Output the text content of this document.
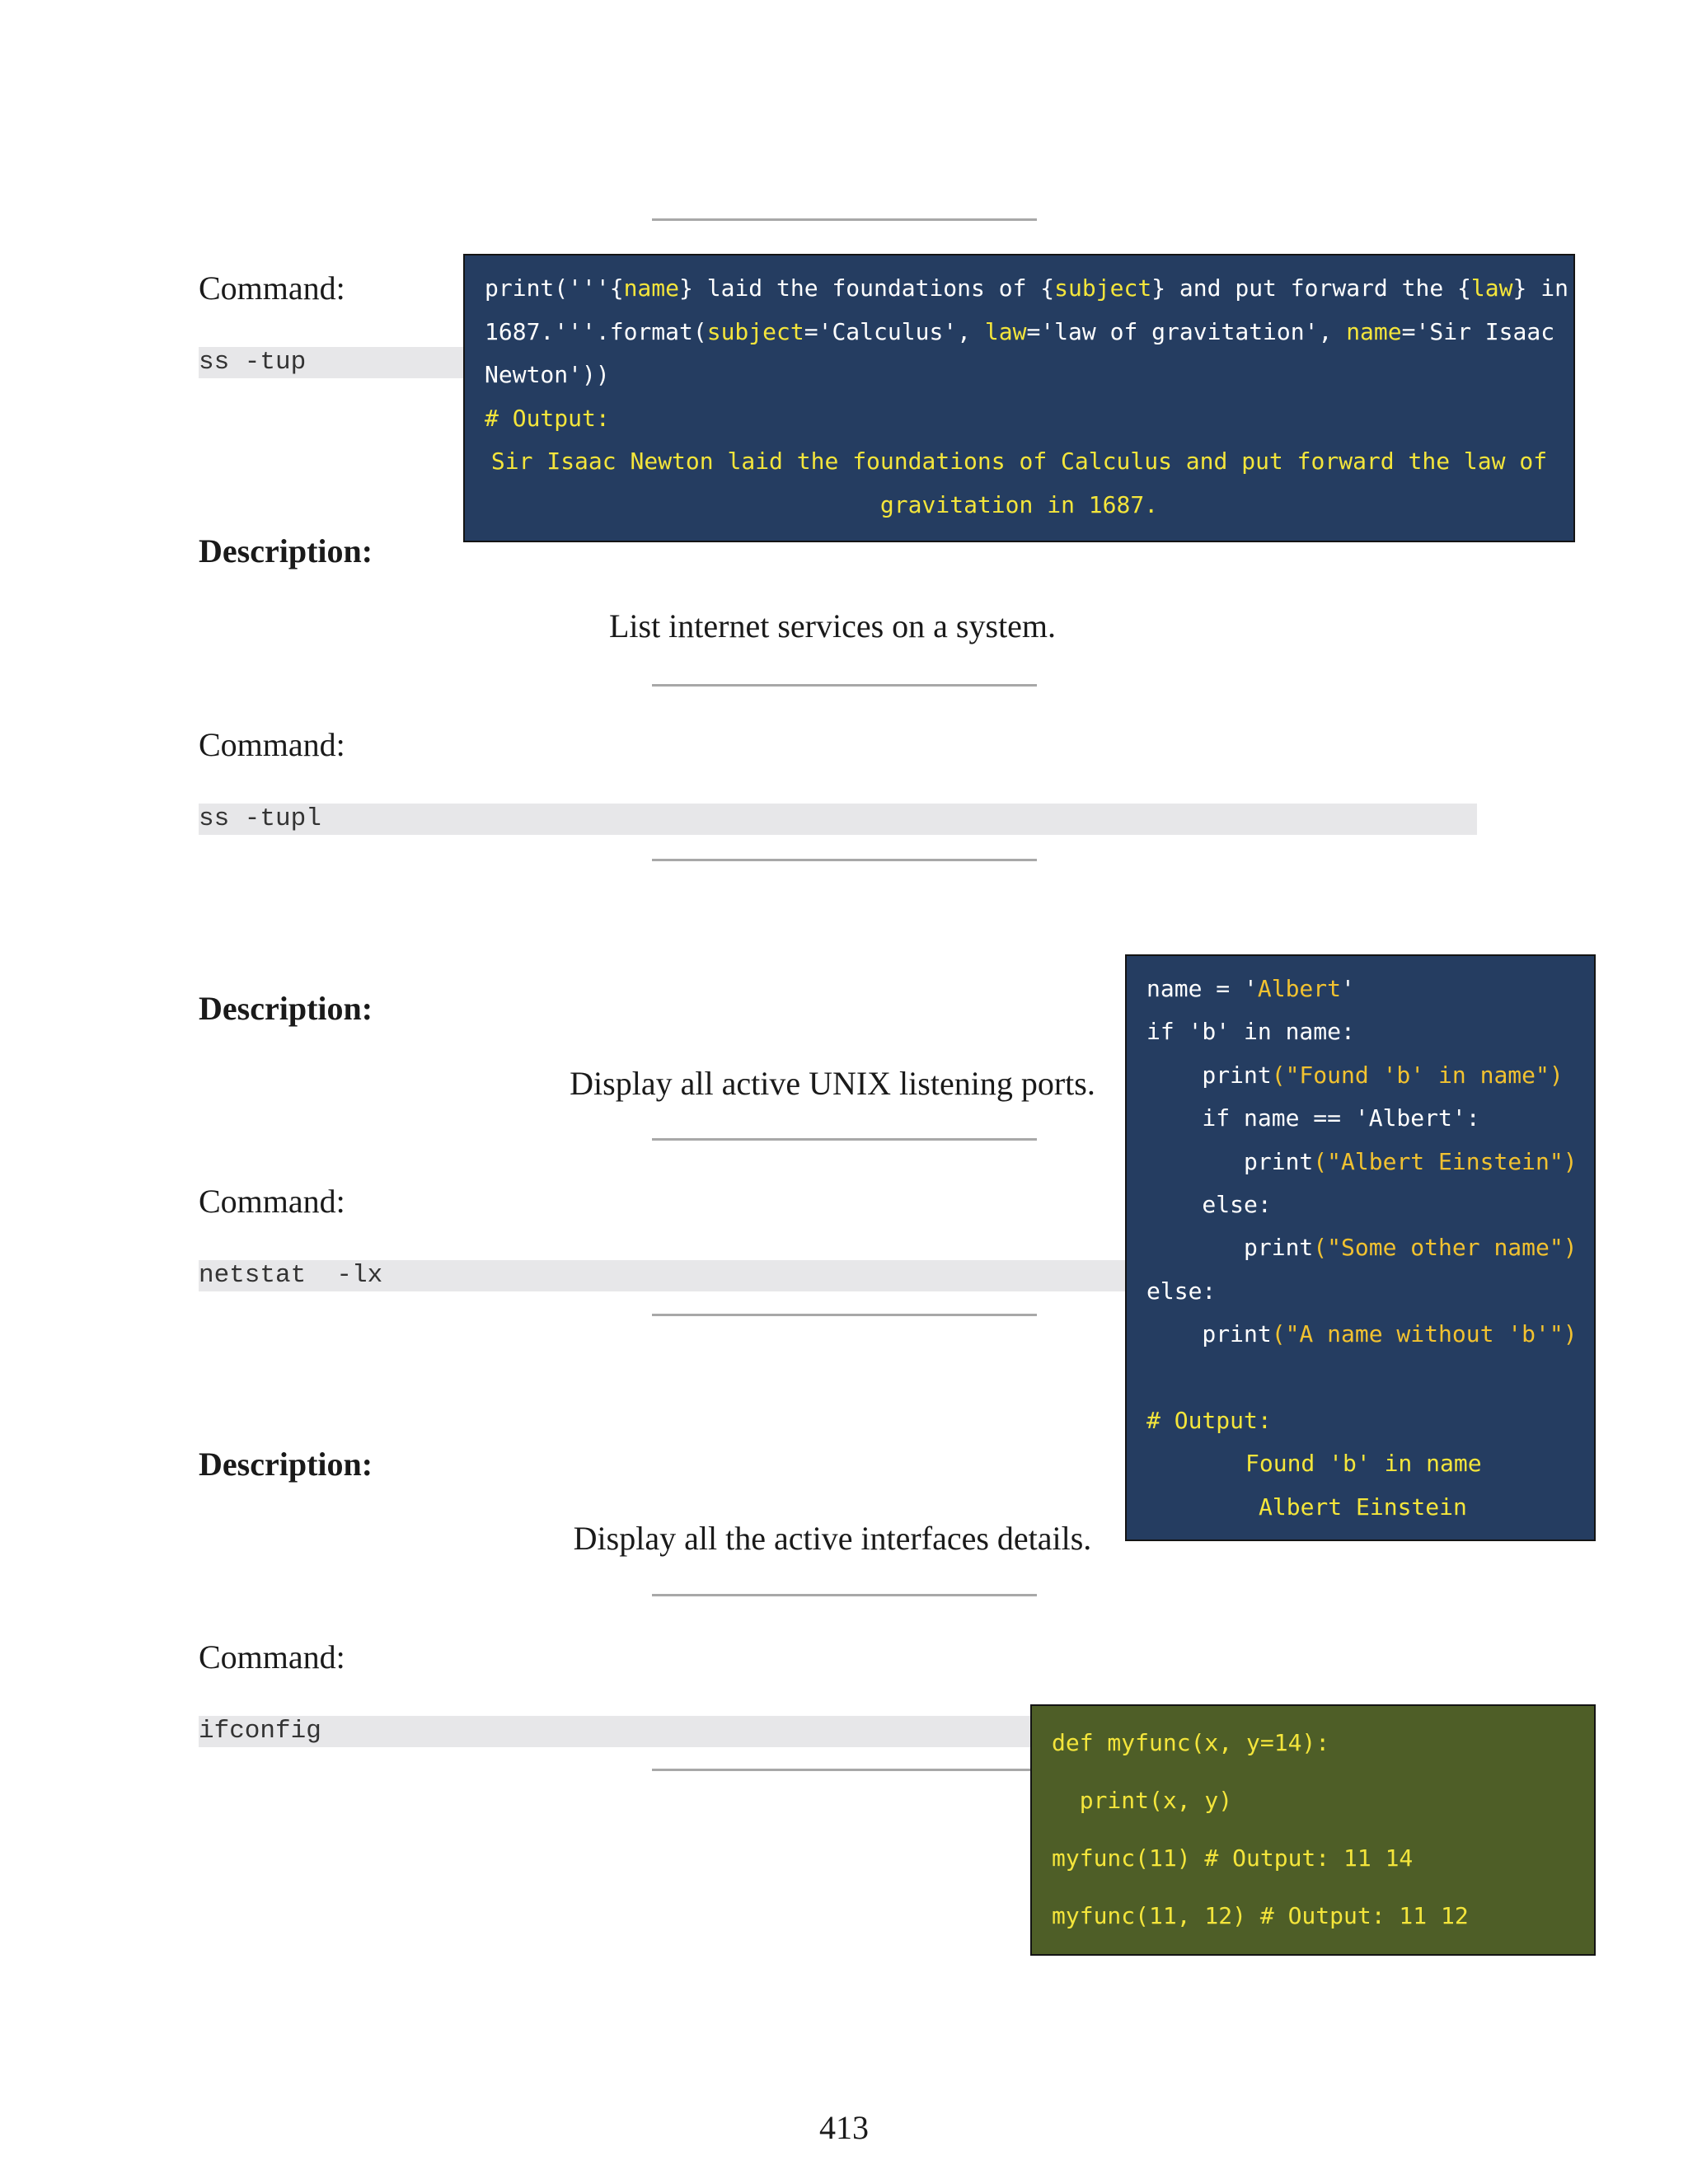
Command:
ss -tup
Description:
List internet services on a system.
Command:
ss -tupl
Description:
Display all active UNIX listening ports.
Command:
netstat  -lx
Description:
Display all the active interfaces details.
Command:
ifconfig
print('''{name} laid the foundations of {subject} and put forward the {law} in
1687.'''.format(subject='Calculus', law='law of gravitation', name='Sir Isaac
Newton'))
# Output:
Sir Isaac Newton laid the foundations of Calculus and put forward the law of
gravitation in 1687.
name = 'Albert'
if 'b' in name:
print("Found 'b' in name")
if name == 'Albert':
print("Albert Einstein")
else:
print("Some other name")
else:
print("A name without 'b'")

# Output:
Found 'b' in name
Albert Einstein
def myfunc(x, y=14):
print(x, y)
myfunc(11) # Output: 11 14
myfunc(11, 12) # Output: 11 12
413
